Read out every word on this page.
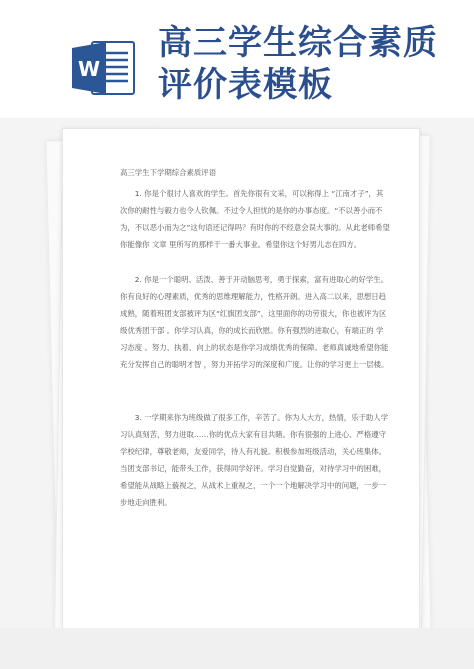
W
高三学生综合素质
评价表模板
高三学生下学期综合素质评语

1. 你是个很讨人喜欢的学生。首先你很有文采，可以称得上 “江南才子”，其次你的耐性与毅力也令人钦佩。不过令人担忧的是你的办事态度。“不以善小而不为，不以恶小而为之”这句语还记得吗？有时你的不经意会误大事的。从此老师希望你能像你 文章 里所写的那样干一番大事业。希望你这个好男儿志在四方。

2. 你是一个聪明、活泼、善于开动脑思考，勇于探索，富有进取心的好学生。你有良好的心理素质，优秀的思维理解能力，性格开朗。进入高二以来，思想日趋成熟，随着班团支部被评为区“红旗团支部”，这里面你的功劳很大，你也被评为区级优秀团干部 。你学习认真，你的成长而欣慰。你有强烈的进取心，有端正的 学习态度 。努力、执着、向上的状态是你学习成绩优秀的保障。老师真诚地希望你能充分发挥自己的聪明才智 ，努力开拓学习的深度和广度。让你的学习更上一层楼。

3. 一学期来你为班级做了很多工作，辛苦了。你为人大方，热情，乐于助人学习认真刻苦，努力进取……你的优点大家有目共睹。你有很强的上进心、严格遵守学校纪律，尊敬老师，友爱同学，待人有礼貌。积极参加班级活动，关心班集体。当团支部书记，能带头工作，获得同学好评。学习自觉勤奋，对待学习中的困难，希望能从战略上藐视之，从战术上重视之，一个一个地解决学习中的问题，一步一步地走向胜利。
